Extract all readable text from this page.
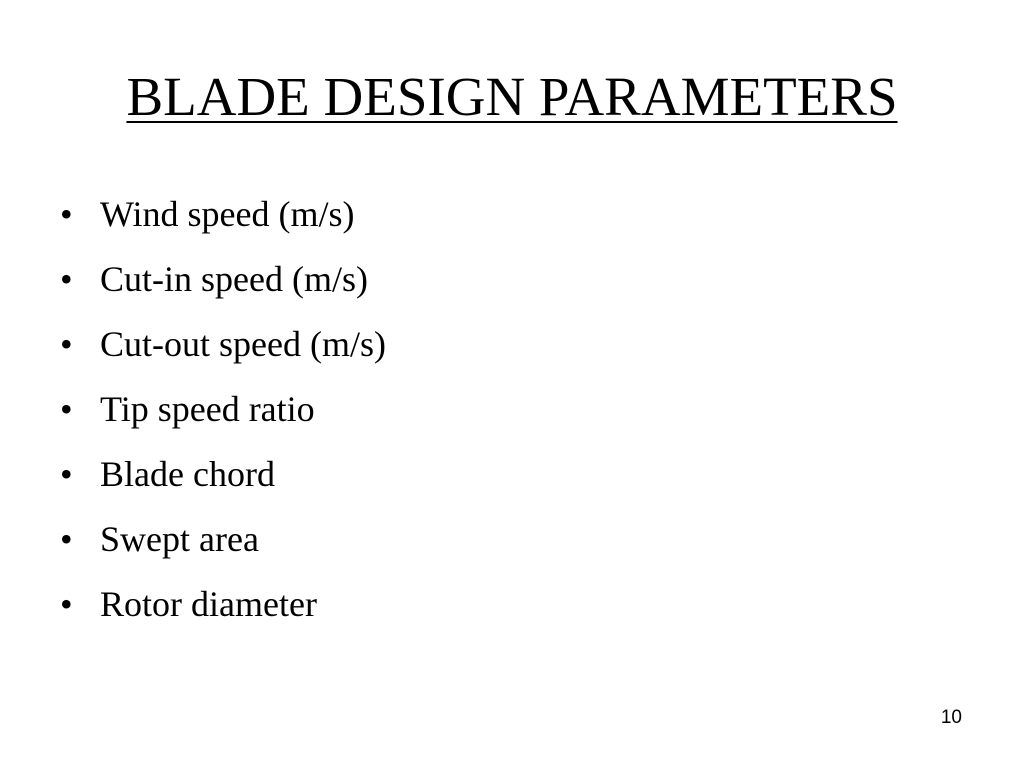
BLADE DESIGN PARAMETERS
• Wind speed (m/s)
• Cut-in speed (m/s)
• Cut-out speed (m/s)
• Tip speed ratio
• Blade chord
• Swept area
• Rotor diameter
10
